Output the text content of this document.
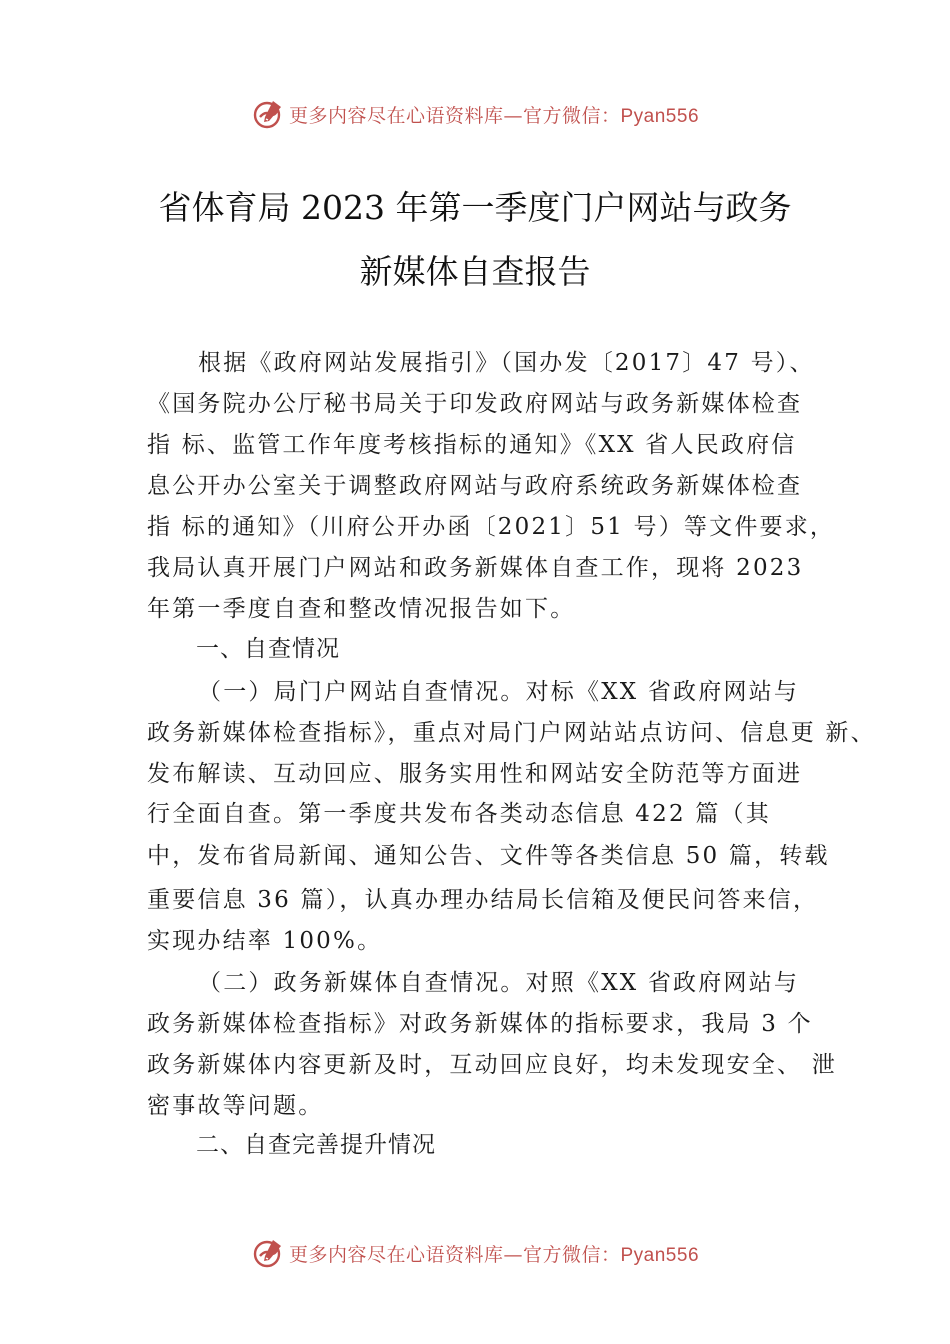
更多内容尽在心语资料库—官方微信：Pyan556
省体育局 2023 年第一季度门户网站与政务
新媒体自查报告
根据《政府网站发展指引》（国办发〔2017〕47 号）、
《国务院办公厅秘书局关于印发政府网站与政务新媒体检查
指 标、监管工作年度考核指标的通知》《XX 省人民政府信
息公开办公室关于调整政府网站与政府系统政务新媒体检查
指 标的通知》（川府公开办函〔2021〕51 号）等文件要求，
我局认真开展门户网站和政务新媒体自查工作，现将 2023
年第一季度自查和整改情况报告如下。
一、自查情况
（一）局门户网站自查情况。对标《XX 省政府网站与
政务新媒体检查指标》，重点对局门户网站站点访问、信息更 新、
发布解读、互动回应、服务实用性和网站安全防范等方面进
行全面自查。第一季度共发布各类动态信息 422 篇（其
中，发布省局新闻、通知公告、文件等各类信息 50 篇，转载
重要信息 36 篇），认真办理办结局长信箱及便民问答来信，
实现办结率 100%。
（二）政务新媒体自查情况。对照《XX 省政府网站与
政务新媒体检查指标》对政务新媒体的指标要求，我局 3 个
政务新媒体内容更新及时，互动回应良好，均未发现安全、 泄
密事故等问题。
二、自查完善提升情况
更多内容尽在心语资料库—官方微信：Pyan556
